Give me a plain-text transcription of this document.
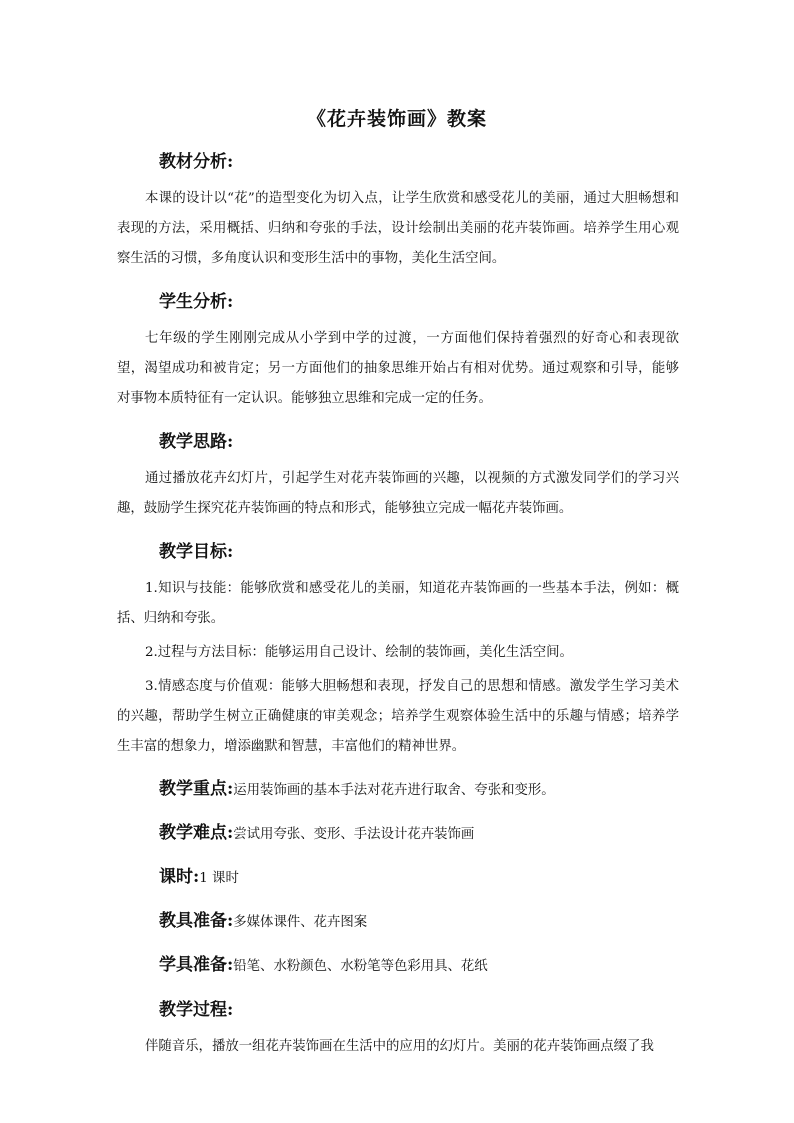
《花卉装饰画》教案
教材分析:

本课的设计以“花”的造型变化为切入点，让学生欣赏和感受花儿的美丽，通过大胆畅想和表现的方法，采用概括、归纳和夸张的手法，设计绘制出美丽的花卉装饰画。培养学生用心观察生活的习惯，多角度认识和变形生活中的事物，美化生活空间。

学生分析:

七年级的学生刚刚完成从小学到中学的过渡，一方面他们保持着强烈的好奇心和表现欲望，渴望成功和被肯定；另一方面他们的抽象思维开始占有相对优势。通过观察和引导，能够对事物本质特征有一定认识。能够独立思维和完成一定的任务。

教学思路:

通过播放花卉幻灯片，引起学生对花卉装饰画的兴趣，以视频的方式激发同学们的学习兴趣，鼓励学生探究花卉装饰画的特点和形式，能够独立完成一幅花卉装饰画。

教学目标:

1.知识与技能：能够欣赏和感受花儿的美丽，知道花卉装饰画的一些基本手法，例如：概括、归纳和夸张。

2.过程与方法目标：能够运用自己设计、绘制的装饰画，美化生活空间。

3.情感态度与价值观：能够大胆畅想和表现，抒发自己的思想和情感。激发学生学习美术的兴趣，帮助学生树立正确健康的审美观念；培养学生观察体验生活中的乐趣与情感；培养学生丰富的想象力，增添幽默和智慧，丰富他们的精神世界。

教学重点:运用装饰画的基本手法对花卉进行取舍、夸张和变形。
教学难点:尝试用夸张、变形、手法设计花卉装饰画
课时:1 课时
教具准备:多媒体课件、花卉图案
学具准备:铅笔、水粉颜色、水粉笔等色彩用具、花纸
教学过程:

伴随音乐，播放一组花卉装饰画在生活中的应用的幻灯片。美丽的花卉装饰画点缀了我
